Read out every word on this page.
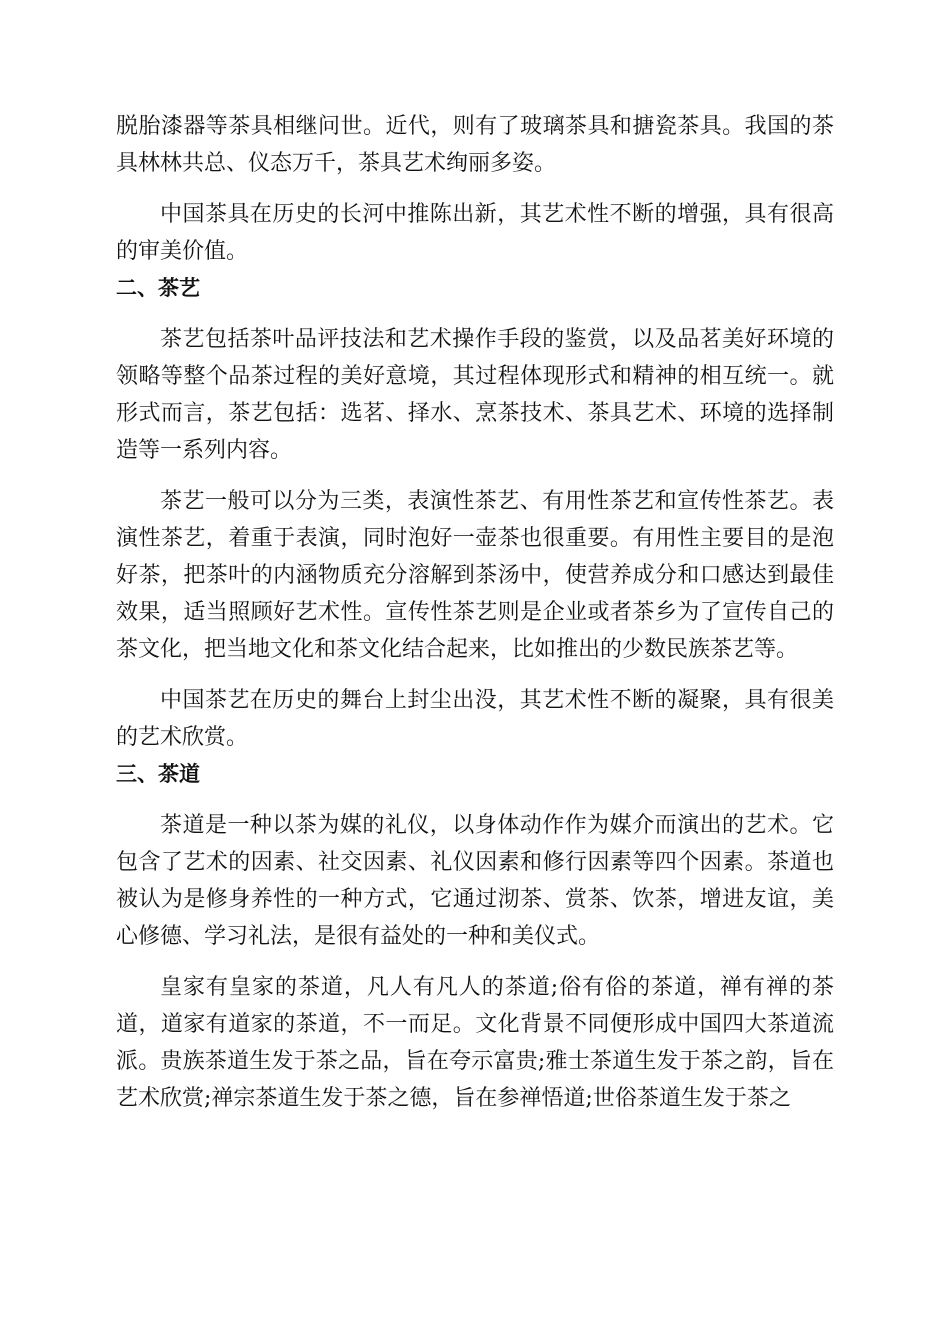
脱胎漆器等茶具相继问世。近代，则有了玻璃茶具和搪瓷茶具。我国的茶具林林共总、仪态万千，茶具艺术绚丽多姿。

中国茶具在历史的长河中推陈出新，其艺术性不断的增强，具有很高的审美价值。

二、茶艺

茶艺包括茶叶品评技法和艺术操作手段的鉴赏，以及品茗美好环境的领略等整个品茶过程的美好意境，其过程体现形式和精神的相互统一。就形式而言，茶艺包括：选茗、择水、烹茶技术、茶具艺术、环境的选择制造等一系列内容。

茶艺一般可以分为三类，表演性茶艺、有用性茶艺和宣传性茶艺。表演性茶艺，着重于表演，同时泡好一壶茶也很重要。有用性主要目的是泡好茶，把茶叶的内涵物质充分溶解到茶汤中，使营养成分和口感达到最佳效果，适当照顾好艺术性。宣传性茶艺则是企业或者茶乡为了宣传自己的茶文化，把当地文化和茶文化结合起来，比如推出的少数民族茶艺等。

中国茶艺在历史的舞台上封尘出没，其艺术性不断的凝聚，具有很美的艺术欣赏。

三、茶道

茶道是一种以茶为媒的礼仪，以身体动作作为媒介而演出的艺术。它包含了艺术的因素、社交因素、礼仪因素和修行因素等四个因素。茶道也被认为是修身养性的一种方式，它通过沏茶、赏茶、饮茶，增进友谊，美心修德、学习礼法，是很有益处的一种和美仪式。

皇家有皇家的茶道，凡人有凡人的茶道;俗有俗的茶道，禅有禅的茶道，道家有道家的茶道，不一而足。文化背景不同便形成中国四大茶道流派。贵族茶道生发于茶之品，旨在夸示富贵;雅士茶道生发于茶之韵，旨在艺术欣赏;禅宗茶道生发于茶之德，旨在参禅悟道;世俗茶道生发于茶之
